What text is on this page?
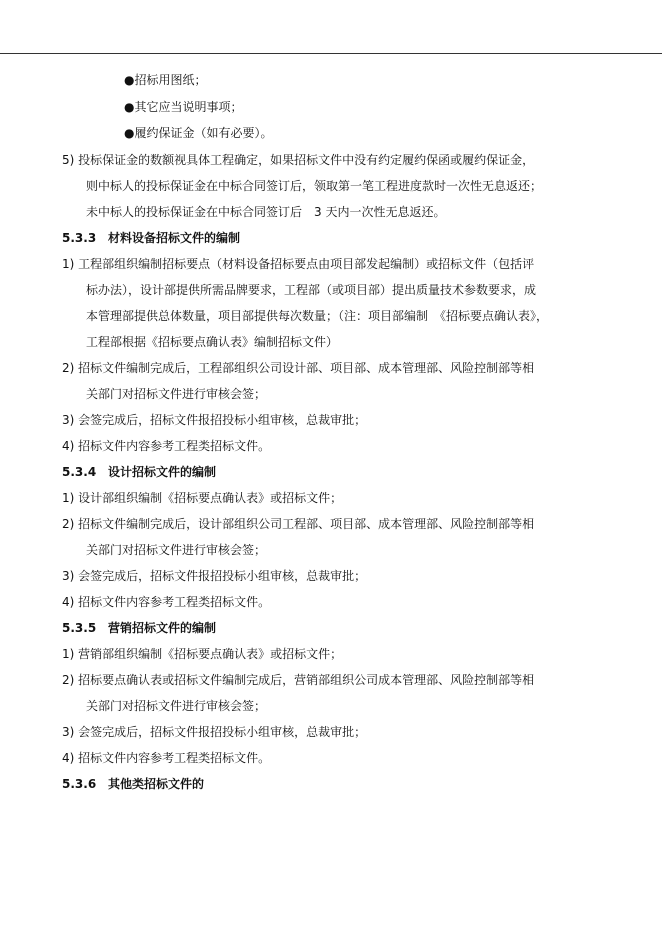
●招标用图纸；
●其它应当说明事项；
●履约保证金（如有必要）。
5) 投标保证金的数额视具体工程确定，如果招标文件中没有约定履约保函或履约保证金，
则中标人的投标保证金在中标合同签订后，领取第一笔工程进度款时一次性无息返还；
未中标人的投标保证金在中标合同签订后　3 天内一次性无息返还。
5.3.3 材料设备招标文件的编制
1) 工程部组织编制招标要点（材料设备招标要点由项目部发起编制）或招标文件（包括评
标办法），设计部提供所需品牌要求，工程部（或项目部）提出质量技术参数要求，成
本管理部提供总体数量，项目部提供每次数量；（注：项目部编制　《招标要点确认表》，
工程部根据《招标要点确认表》编制招标文件）
2) 招标文件编制完成后，工程部组织公司设计部、项目部、成本管理部、风险控制部等相
关部门对招标文件进行审核会签；
3) 会签完成后，招标文件报招投标小组审核，总裁审批；
4) 招标文件内容参考工程类招标文件。
5.3.4 设计招标文件的编制
1) 设计部组织编制《招标要点确认表》或招标文件；
2) 招标文件编制完成后，设计部组织公司工程部、项目部、成本管理部、风险控制部等相
关部门对招标文件进行审核会签；
3) 会签完成后，招标文件报招投标小组审核，总裁审批；
4) 招标文件内容参考工程类招标文件。
5.3.5 营销招标文件的编制
1) 营销部组织编制《招标要点确认表》或招标文件；
2) 招标要点确认表或招标文件编制完成后，营销部组织公司成本管理部、风险控制部等相
关部门对招标文件进行审核会签；
3) 会签完成后，招标文件报招投标小组审核，总裁审批；
4) 招标文件内容参考工程类招标文件。
5.3.6 其他类招标文件的
